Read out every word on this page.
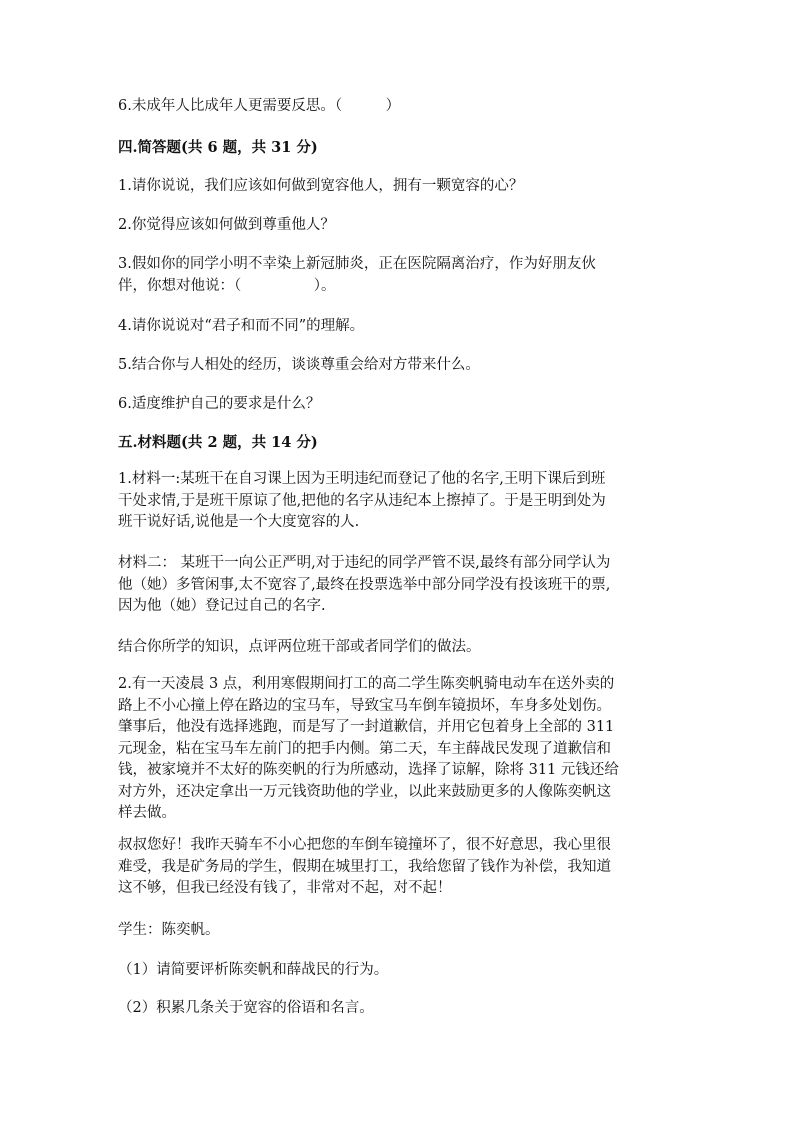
6.未成年人比成年人更需要反思。（　　　）
四.简答题(共 6 题，共 31 分)
1.请你说说，我们应该如何做到宽容他人，拥有一颗宽容的心？
2.你觉得应该如何做到尊重他人？
3.假如你的同学小明不幸染上新冠肺炎，正在医院隔离治疗，作为好朋友伙
伴，你想对他说：（　　　　　）。
4.请你说说对“君子和而不同”的理解。
5.结合你与人相处的经历，谈谈尊重会给对方带来什么。
6.适度维护自己的要求是什么？
五.材料题(共 2 题，共 14 分)
1.材料一:某班干在自习课上因为王明违纪而登记了他的名字,王明下课后到班
干处求情,于是班干原谅了他,把他的名字从违纪本上擦掉了。于是王明到处为
班干说好话,说他是一个大度宽容的人.
材料二： 某班干一向公正严明,对于违纪的同学严管不误,最终有部分同学认为
他（她）多管闲事,太不宽容了,最终在投票选举中部分同学没有投该班干的票,
因为他（她）登记过自己的名字.
结合你所学的知识，点评两位班干部或者同学们的做法。
2.有一天凌晨 3 点，利用寒假期间打工的高二学生陈奕帆骑电动车在送外卖的
路上不小心撞上停在路边的宝马车，导致宝马车倒车镜损坏，车身多处划伤。
肇事后，他没有选择逃跑，而是写了一封道歉信，并用它包着身上全部的 311
元现金，粘在宝马车左前门的把手内侧。第二天，车主薛战民发现了道歉信和
钱，被家境并不太好的陈奕帆的行为所感动，选择了谅解，除将 311 元钱还给
对方外，还决定拿出一万元钱资助他的学业，以此来鼓励更多的人像陈奕帆这
样去做。
叔叔您好！我昨天骑车不小心把您的车倒车镜撞坏了，很不好意思，我心里很
难受，我是矿务局的学生，假期在城里打工，我给您留了钱作为补偿，我知道
这不够，但我已经没有钱了，非常对不起，对不起！
学生：陈奕帆。
（1）请简要评析陈奕帆和薛战民的行为。
（2）积累几条关于宽容的俗语和名言。
